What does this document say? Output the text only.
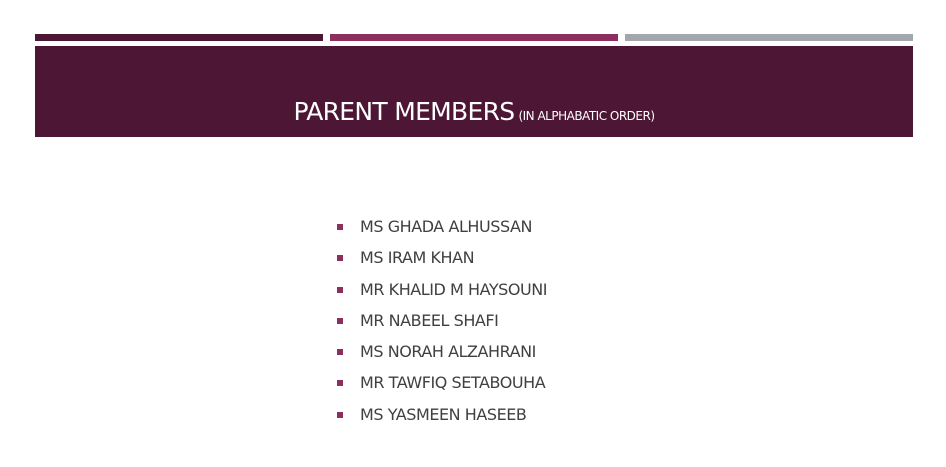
PARENT MEMBERS (IN ALPHABATIC ORDER)
MS GHADA ALHUSSAN
MS IRAM KHAN
MR KHALID M HAYSOUNI
MR NABEEL SHAFI
MS NORAH ALZAHRANI
MR TAWFIQ SETABOUHA
MS YASMEEN HASEEB
